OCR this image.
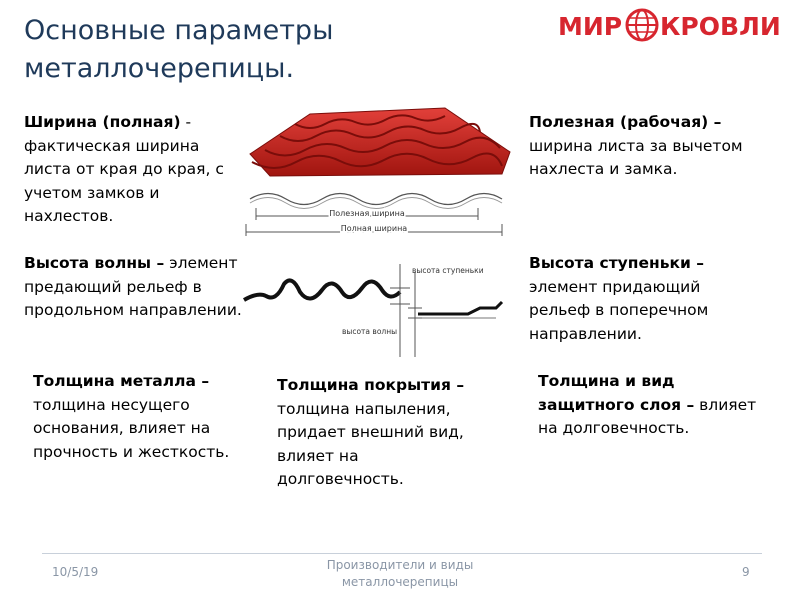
Основные параметры
металлочерепицы.
МИР КРОВЛИ
Ширина (полная) - фактическая ширина листа от края до края, с учетом замков и нахлестов.
Высота волны – элемент предающий рельеф в продольном направлении.
Толщина металла – толщина несущего основания, влияет на прочность и жесткость.
Толщина покрытия – толщина напыления, придает внешний вид, влияет на долговечность.
Полезная (рабочая) – ширина листа за вычетом нахлеста и замка.
Высота ступеньки – элемент придающий рельеф в поперечном направлении.
Толщина и вид защитного слоя – влияет на долговечность.
Полезная ширина
Полная ширина
высота волны
высота ступеньки
10/5/19	Производители и виды
металлочерепицы
9
